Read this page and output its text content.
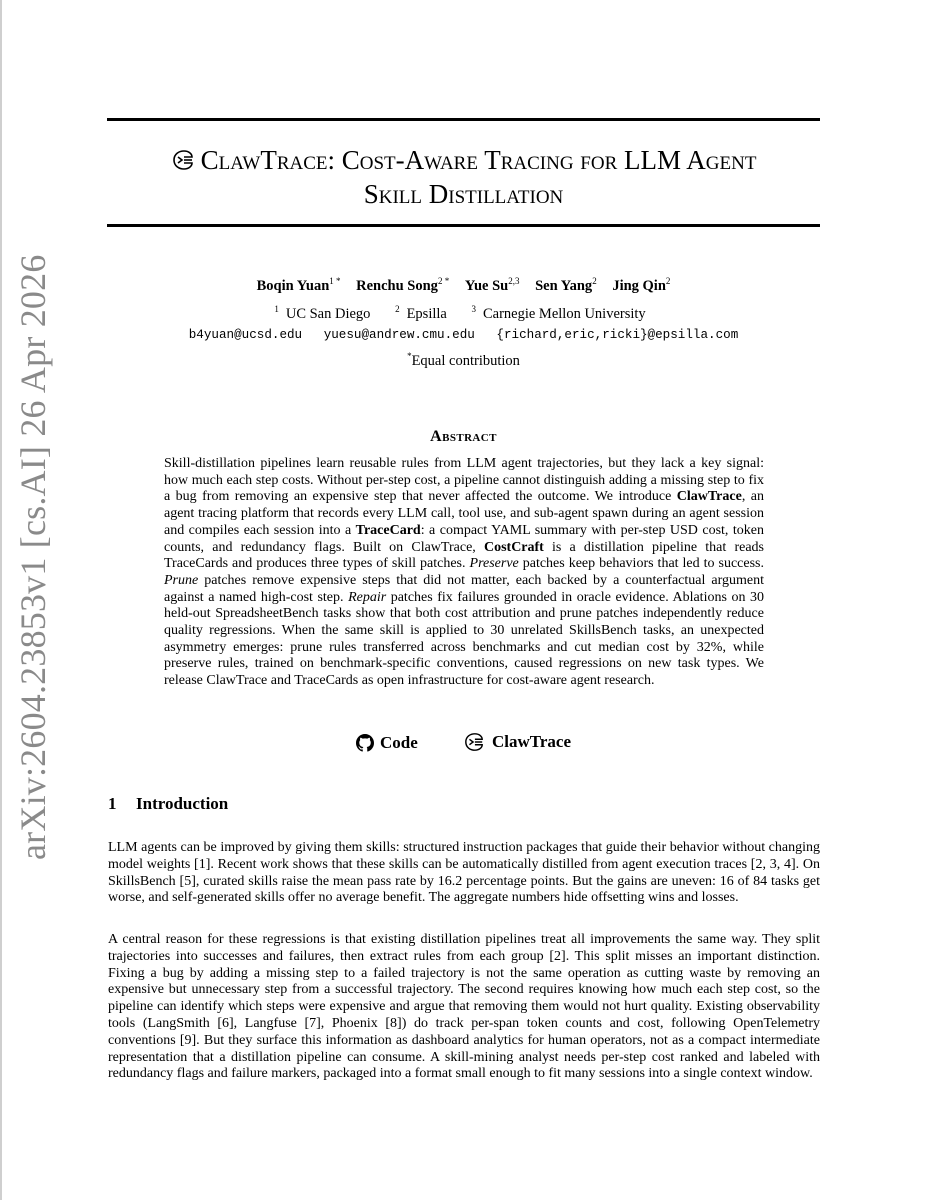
arXiv:2604.23853v1 [cs.AI] 26 Apr 2026
ClawTrace: Cost-Aware Tracing for LLM Agent
Skill Distillation
Boqin Yuan$^{1 *}$ Renchu Song$^{2 *}$ Yue Su$^{2,3}$ Sen Yang$^2$ Jing Qin$^2$
$^1$ UC San Diego	$^2$ Epsilla	$^3$ Carnegie Mellon University
b4yuan@ucsd.edu yuesu@andrew.cmu.edu {richard,eric,ricki}@epsilla.com
*Equal contribution
Abstract
Skill-distillation pipelines learn reusable rules from LLM agent trajectories, but they lack a key signal: how much each step costs. Without per-step cost, a pipeline cannot distinguish adding a missing step to fix a bug from removing an expensive step that never affected the outcome. We introduce ClawTrace, an agent tracing platform that records every LLM call, tool use, and sub-agent spawn during an agent session and compiles each session into a TraceCard: a compact YAML summary with per-step USD cost, token counts, and redundancy flags. Built on ClawTrace, CostCraft is a distillation pipeline that reads TraceCards and produces three types of skill patches. Preserve patches keep behaviors that led to success. Prune patches remove expensive steps that did not matter, each backed by a counterfactual argument against a named high-cost step. Repair patches fix failures grounded in oracle evidence. Ablations on 30 held-out SpreadsheetBench tasks show that both cost attribution and prune patches independently reduce quality regressions. When the same skill is applied to 30 unrelated SkillsBench tasks, an unexpected asymmetry emerges: prune rules transferred across benchmarks and cut median cost by 32%, while preserve rules, trained on benchmark-specific conventions, caused regressions on new task types. We release ClawTrace and TraceCards as open infrastructure for cost-aware agent research.
Code
	ClawTrace
1 Introduction
LLM agents can be improved by giving them skills: structured instruction packages that guide their behavior without changing model weights [1]. Recent work shows that these skills can be automatically distilled from agent execution traces [2, 3, 4]. On SkillsBench [5], curated skills raise the mean pass rate by 16.2 percentage points. But the gains are uneven: 16 of 84 tasks get worse, and self-generated skills offer no average benefit. The aggregate numbers hide offsetting wins and losses.
A central reason for these regressions is that existing distillation pipelines treat all improvements the same way. They split trajectories into successes and failures, then extract rules from each group [2]. This split misses an important distinction. Fixing a bug by adding a missing step to a failed trajectory is not the same operation as cutting waste by removing an expensive but unnecessary step from a successful trajectory. The second requires knowing how much each step cost, so the pipeline can identify which steps were expensive and argue that removing them would not hurt quality. Existing observability tools (LangSmith [6], Langfuse [7], Phoenix [8]) do track per-span token counts and cost, following OpenTelemetry conventions [9]. But they surface this information as dashboard analytics for human operators, not as a compact intermediate representation that a distillation pipeline can consume. A skill-mining analyst needs per-step cost ranked and labeled with redundancy flags and failure markers, packaged into a format small enough to fit many sessions into a single context window.
